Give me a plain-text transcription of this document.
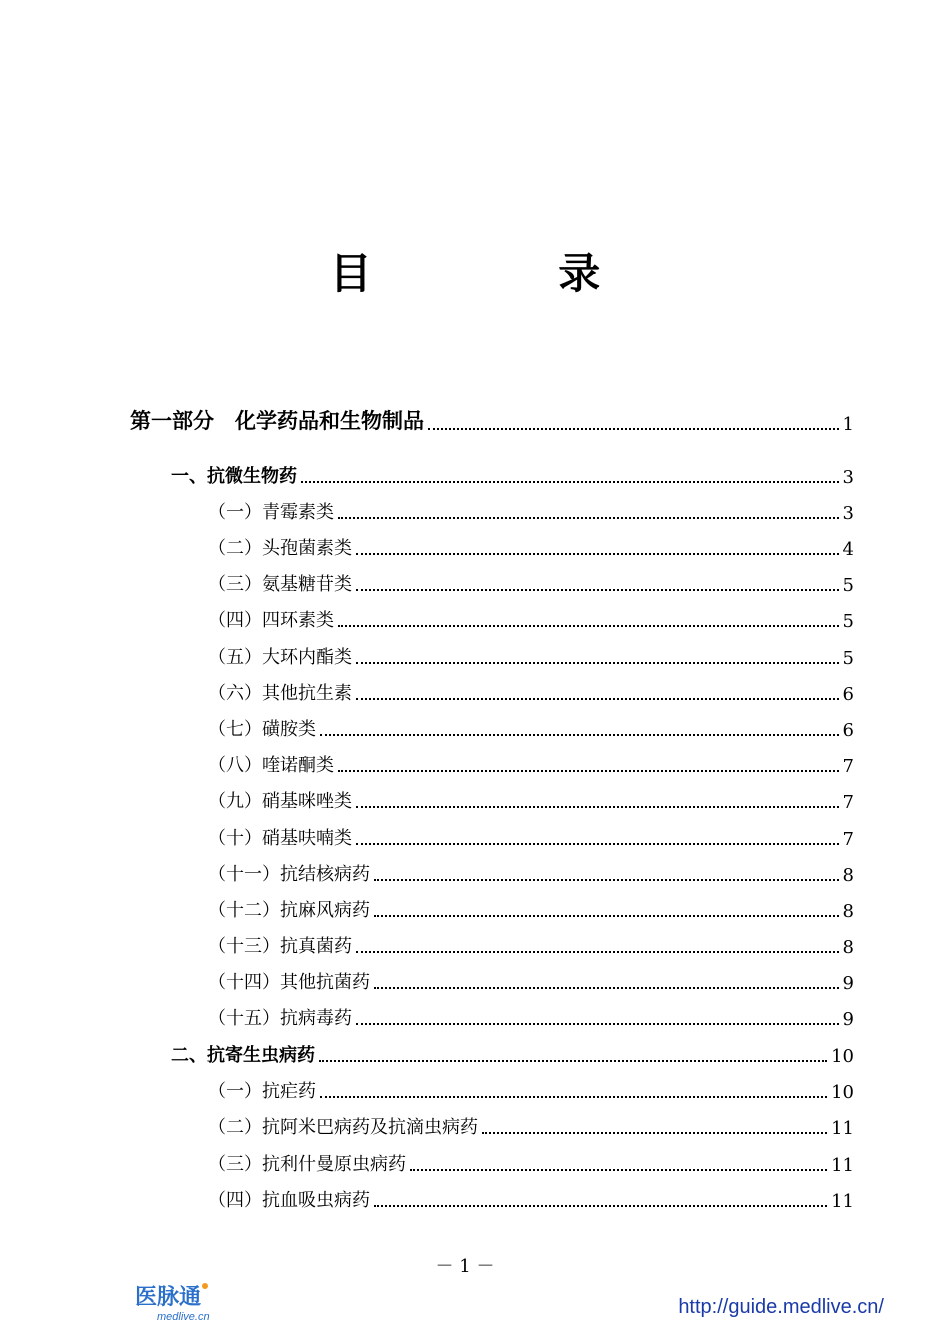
目 录
第一部分　化学药品和生物制品	1
一、抗微生物药	3
（一）青霉素类	3
（二）头孢菌素类	4
（三）氨基糖苷类	5
（四）四环素类	5
（五）大环内酯类	5
（六）其他抗生素	6
（七）磺胺类	6
（八）喹诺酮类	7
（九）硝基咪唑类	7
（十）硝基呋喃类	7
（十一）抗结核病药	8
（十二）抗麻风病药	8
（十三）抗真菌药	8
（十四）其他抗菌药	9
（十五）抗病毒药	9
二、抗寄生虫病药	10
（一）抗疟药	10
（二）抗阿米巴病药及抗滴虫病药	11
（三）抗利什曼原虫病药	11
（四）抗血吸虫病药	11
－ 1 －
医脉通
medlive.cn	http://guide.medlive.cn/
